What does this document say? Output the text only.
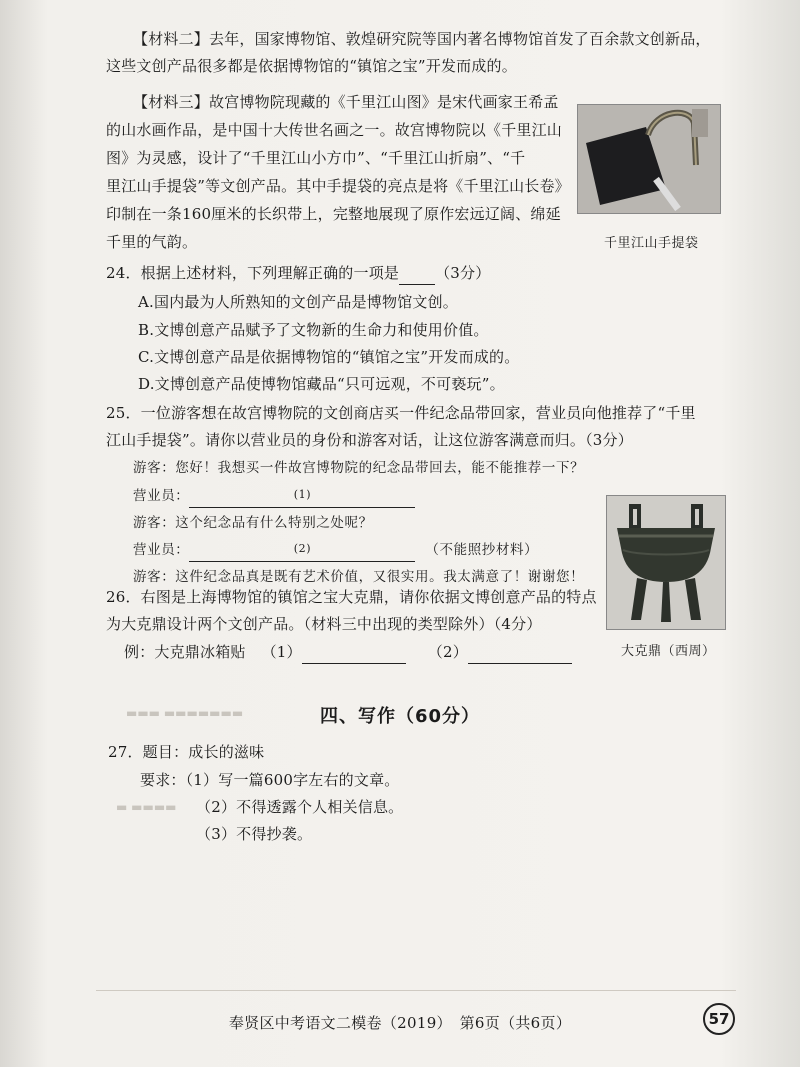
【材料二】去年，国家博物馆、敦煌研究院等国内著名博物馆首发了百余款文创新品，
这些文创产品很多都是依据博物馆的“镇馆之宝”开发而成的。
【材料三】故宫博物院现藏的《千里江山图》是宋代画家王希孟
的山水画作品，是中国十大传世名画之一。故宫博物院以《千里江山
图》为灵感，设计了“千里江山小方巾”、“千里江山折扇”、“千
里江山手提袋”等文创产品。其中手提袋的亮点是将《千里江山长卷》
印制在一条160厘米的长织带上，完整地展现了原作宏远辽阔、绵延
千里的气韵。	千里江山手提袋
24．根据上述材料，下列理解正确的一项是 （3分）
A.国内最为人所熟知的文创产品是博物馆文创。
B.文博创意产品赋予了文物新的生命力和使用价值。
C.文博创意产品是依据博物馆的“镇馆之宝”开发而成的。
D.文博创意产品使博物馆藏品“只可远观，不可亵玩”。
25．一位游客想在故宫博物院的文创商店买一件纪念品带回家，营业员向他推荐了“千里
江山手提袋”。请你以营业员的身份和游客对话，让这位游客满意而归。（3分）
游客：您好！我想买一件故宫博物院的纪念品带回去，能不能推荐一下？
营业员：	(1)
游客：这个纪念品有什么特别之处呢？
营业员：	(2)	（不能照抄材料）
游客：这件纪念品真是既有艺术价值，又很实用。我太满意了！谢谢您！
大克鼎（西周）
26．右图是上海博物馆的镇馆之宝大克鼎，请你依据文博创意产品的特点
为大克鼎设计两个文创产品。（材料三中出现的类型除外）（4分）
例：大克鼎冰箱贴 （1）	（2）
▬▬▬ ▬▬▬▬▬▬▬
▬ ▬▬▬▬
四、写作（60分）
27．题目：成长的滋味
要求：（1）写一篇600字左右的文章。
（2）不得透露个人相关信息。
（3）不得抄袭。
奉贤区中考语文二模卷（2019）　第6页（共6页）	57
